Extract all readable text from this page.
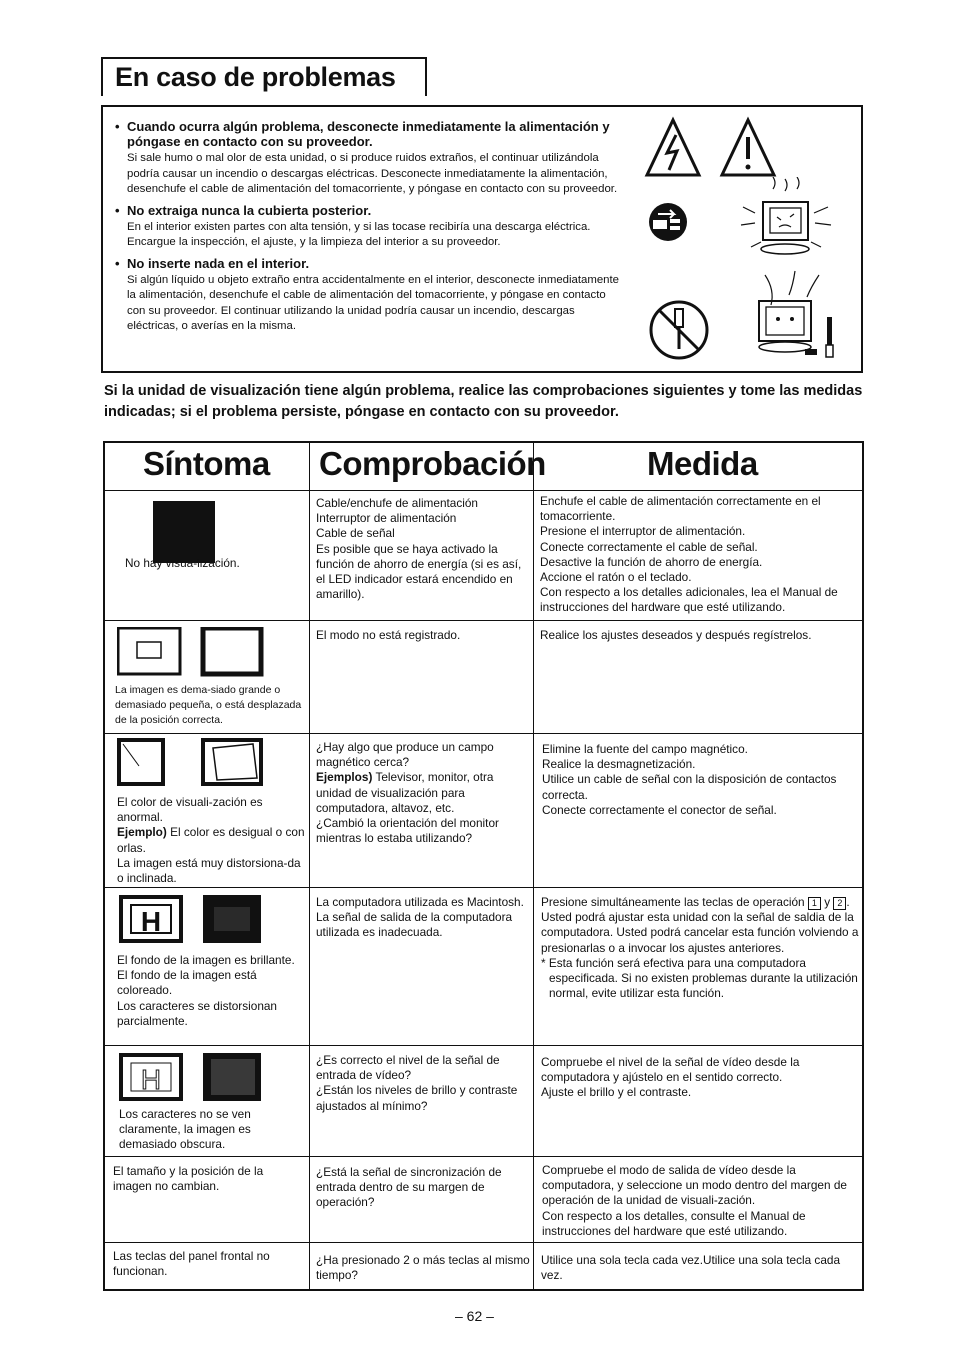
En caso de problemas
• Cuando ocurra algún problema, desconecte inmediatamente la alimentación y póngase en contacto con su proveedor.
Si sale humo o mal olor de esta unidad, o si produce ruidos extraños, el continuar utilizándola podría causar un incendio o descargas eléctricas. Desconecte inmediatamente la alimentación, desenchufe el cable de alimentación del tomacorriente, y póngase en contacto con su proveedor.
• No extraiga nunca la cubierta posterior.
En el interior existen partes con alta tensión, y si las tocase recibiría una descarga eléctrica. Encargue la inspección, el ajuste, y la limpieza del interior a su proveedor.
• No inserte nada en el interior.
Si algún líquido u objeto extraño entra accidentalmente en el interior, desconecte inmediatamente la alimentación, desenchufe el cable de alimentación del tomacorriente, y póngase en contacto con su proveedor. El continuar utilizando la unidad podría causar un incendio, descargas eléctricas, o averías en la misma.
Si la unidad de visualización tiene algún problema, realice las comprobaciones siguientes y tome las medidas indicadas; si el problema persiste, póngase en contacto con su proveedor.
Síntoma Comprobación	Medida
No hay visua-lización.
Cable/enchufe de alimentación
Interruptor de alimentación
Cable de señal
Es posible que se haya activado la función de ahorro de energía (si es así, el LED indicador estará encendido en amarillo).
Enchufe el cable de alimentación correctamente en el tomacorriente.
Presione el interruptor de alimentación.
Conecte correctamente el cable de señal.
Desactive la función de ahorro de energía.
Accione el ratón o el teclado.
Con respecto a los detalles adicionales, lea el Manual de instrucciones del hardware que esté utilizando.
La imagen es dema-siado grande o demasiado pequeña, o está desplazada de la posición correcta.
El modo no está registrado.	Realice los ajustes deseados y después regístrelos.
El color de visuali-zación es anormal.
Ejemplo) El color es desigual o con orlas.
La imagen está muy distorsiona-da o inclinada.
¿Hay algo que produce un campo magnético cerca?
Ejemplos) Televisor, monitor, otra unidad de visualización para computadora, altavoz, etc.
¿Cambió la orientación del monitor mientras lo estaba utilizando?
Elimine la fuente del campo magnético.
Realice la desmagnetización.
Utilice un cable de señal con la disposición de contactos correcta.
Conecte correctamente el conector de señal.
H
El fondo de la imagen es brillante.
El fondo de la imagen está coloreado.
Los caracteres se distorsionan parcialmente.
La computadora utilizada es Macintosh.
La señal de salida de la computadora utilizada es inadecuada.
Presione simultáneamente las teclas de operación 1 y 2 . Usted podrá ajustar esta unidad con la señal de saldia de la computadora. Usted podrá cancelar esta función volviendo a presionarlas o a invocar los ajustes anteriores.
* Esta función será efectiva para una computadora especificada. Si no existen problemas durante la utilización normal, evite utilizar esta función.
H
Los caracteres no se ven claramente, la imagen es demasiado obscura.
¿Es correcto el nivel de la señal de entrada de vídeo?
¿Están los niveles de brillo y contraste ajustados al mínimo?
Compruebe el nivel de la señal de vídeo desde la computadora y ajústelo en el sentido correcto.
Ajuste el brillo y el contraste.
El tamaño y la posición de la imagen no cambian.
¿Está la señal de sincronización de entrada dentro de su margen de operación?
Compruebe el modo de salida de vídeo desde la computadora, y seleccione un modo dentro del margen de operación de la unidad de visuali-zación.
Con respecto a los detalles, consulte el Manual de instrucciones del hardware que esté utilizando.
Las teclas del panel frontal no funcionan.
¿Ha presionado 2 o más teclas al mismo tiempo?
Utilice una sola tecla cada vez.Utilice una sola tecla cada vez.
– 62 –
